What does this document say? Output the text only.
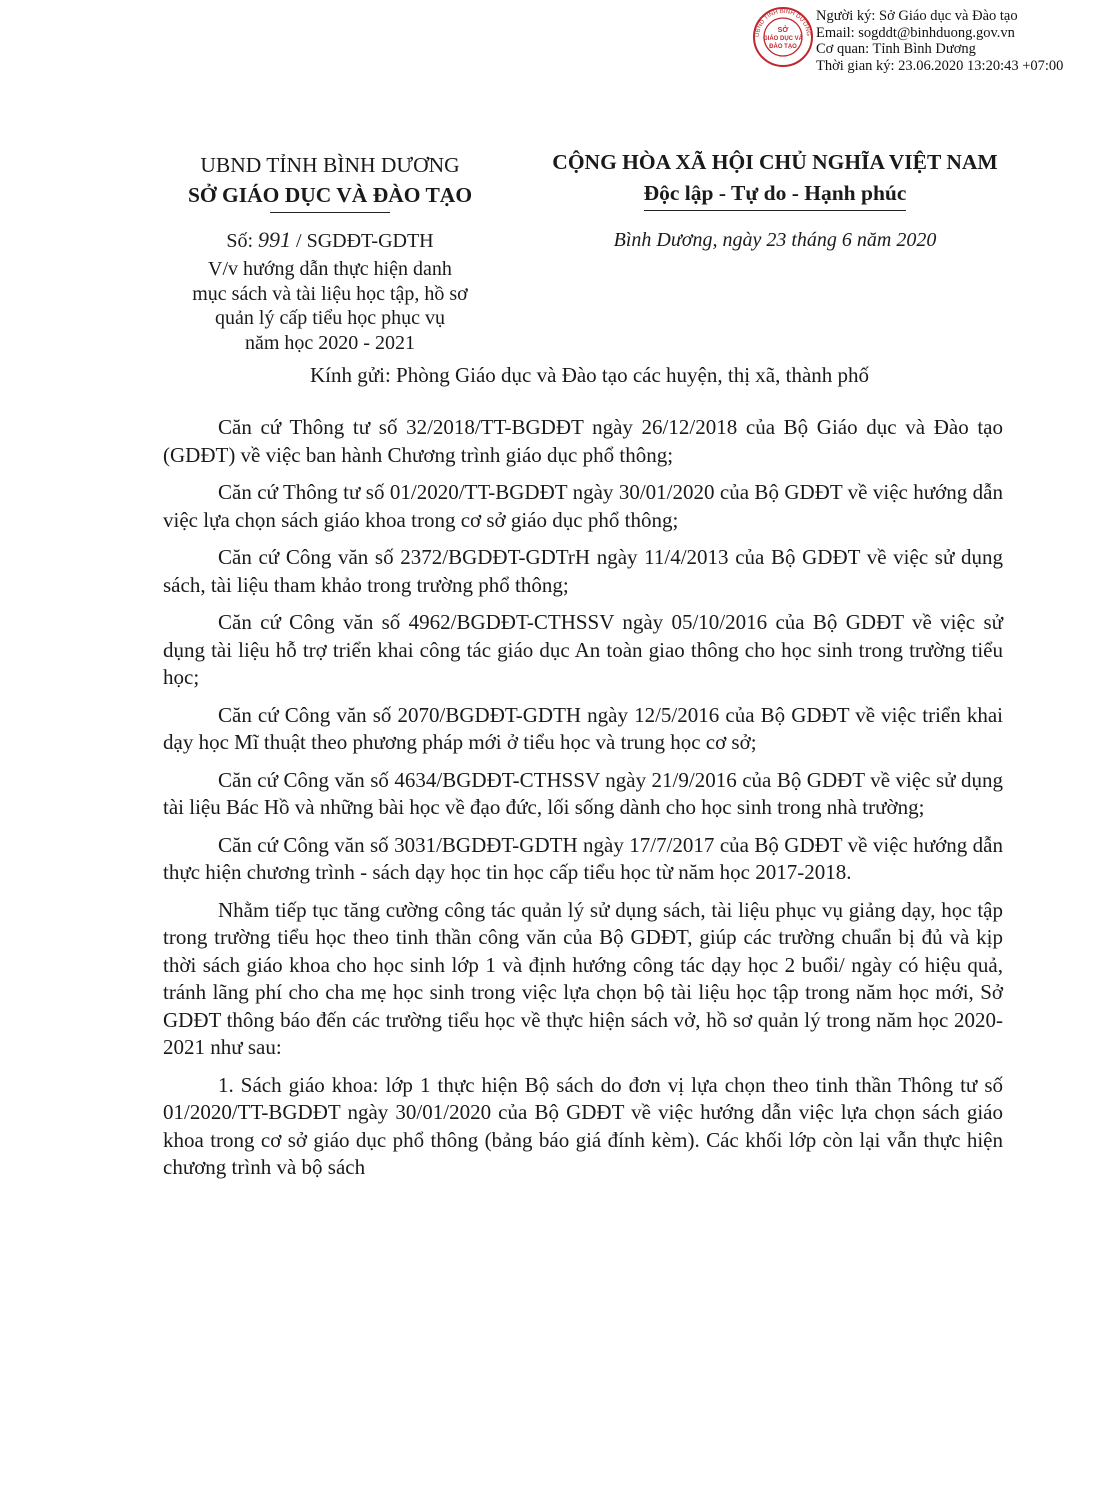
UBND TỈNH BÌNH DƯƠNG
SỞ
GIÁO DỤC VÀ
ĐÀO TẠO
Người ký: Sở Giáo dục và Đào tạo
Email: sogddt@binhduong.gov.vn
Cơ quan: Tỉnh Bình Dương
Thời gian ký: 23.06.2020 13:20:43 +07:00
UBND TỈNH BÌNH DƯƠNG
SỞ GIÁO DỤC VÀ ĐÀO TẠO
CỘNG HÒA XÃ HỘI CHỦ NGHĨA VIỆT NAM
Độc lập - Tự do - Hạnh phúc
Số: 991 / SGDĐT-GDTH
V/v hướng dẫn thực hiện danh
mục sách và tài liệu học tập, hồ sơ
quản lý cấp tiểu học phục vụ
năm học 2020 - 2021
Bình Dương, ngày 23 tháng 6 năm 2020
Kính gửi: Phòng Giáo dục và Đào tạo các huyện, thị xã, thành phố

Căn cứ Thông tư số 32/2018/TT-BGDĐT ngày 26/12/2018 của Bộ Giáo dục và Đào tạo (GDĐT) về việc ban hành Chương trình giáo dục phổ thông;

Căn cứ Thông tư số 01/2020/TT-BGDĐT ngày 30/01/2020 của Bộ GDĐT về việc hướng dẫn việc lựa chọn sách giáo khoa trong cơ sở giáo dục phổ thông;

Căn cứ Công văn số 2372/BGDĐT-GDTrH ngày 11/4/2013 của Bộ GDĐT về việc sử dụng sách, tài liệu tham khảo trong trường phổ thông;

Căn cứ Công văn số 4962/BGDĐT-CTHSSV ngày 05/10/2016 của Bộ GDĐT về việc sử dụng tài liệu hỗ trợ triển khai công tác giáo dục An toàn giao thông cho học sinh trong trường tiểu học;

Căn cứ Công văn số 2070/BGDĐT-GDTH ngày 12/5/2016 của Bộ GDĐT về việc triển khai dạy học Mĩ thuật theo phương pháp mới ở tiểu học và trung học cơ sở;

Căn cứ Công văn số 4634/BGDĐT-CTHSSV ngày 21/9/2016 của Bộ GDĐT về việc sử dụng tài liệu Bác Hồ và những bài học về đạo đức, lối sống dành cho học sinh trong nhà trường;

Căn cứ Công văn số 3031/BGDĐT-GDTH ngày 17/7/2017 của Bộ GDĐT về việc hướng dẫn thực hiện chương trình - sách dạy học tin học cấp tiểu học từ năm học 2017-2018.

Nhằm tiếp tục tăng cường công tác quản lý sử dụng sách, tài liệu phục vụ giảng dạy, học tập trong trường tiểu học theo tinh thần công văn của Bộ GDĐT, giúp các trường chuẩn bị đủ và kịp thời sách giáo khoa cho học sinh lớp 1 và định hướng công tác dạy học 2 buổi/ ngày có hiệu quả, tránh lãng phí cho cha mẹ học sinh trong việc lựa chọn bộ tài liệu học tập trong năm học mới, Sở GDĐT thông báo đến các trường tiểu học về thực hiện sách vở, hồ sơ quản lý trong năm học 2020-2021 như sau:

1. Sách giáo khoa: lớp 1 thực hiện Bộ sách do đơn vị lựa chọn theo tinh thần Thông tư số 01/2020/TT-BGDĐT ngày 30/01/2020 của Bộ GDĐT về việc hướng dẫn việc lựa chọn sách giáo khoa trong cơ sở giáo dục phổ thông (bảng báo giá đính kèm). Các khối lớp còn lại vẫn thực hiện chương trình và bộ sách
